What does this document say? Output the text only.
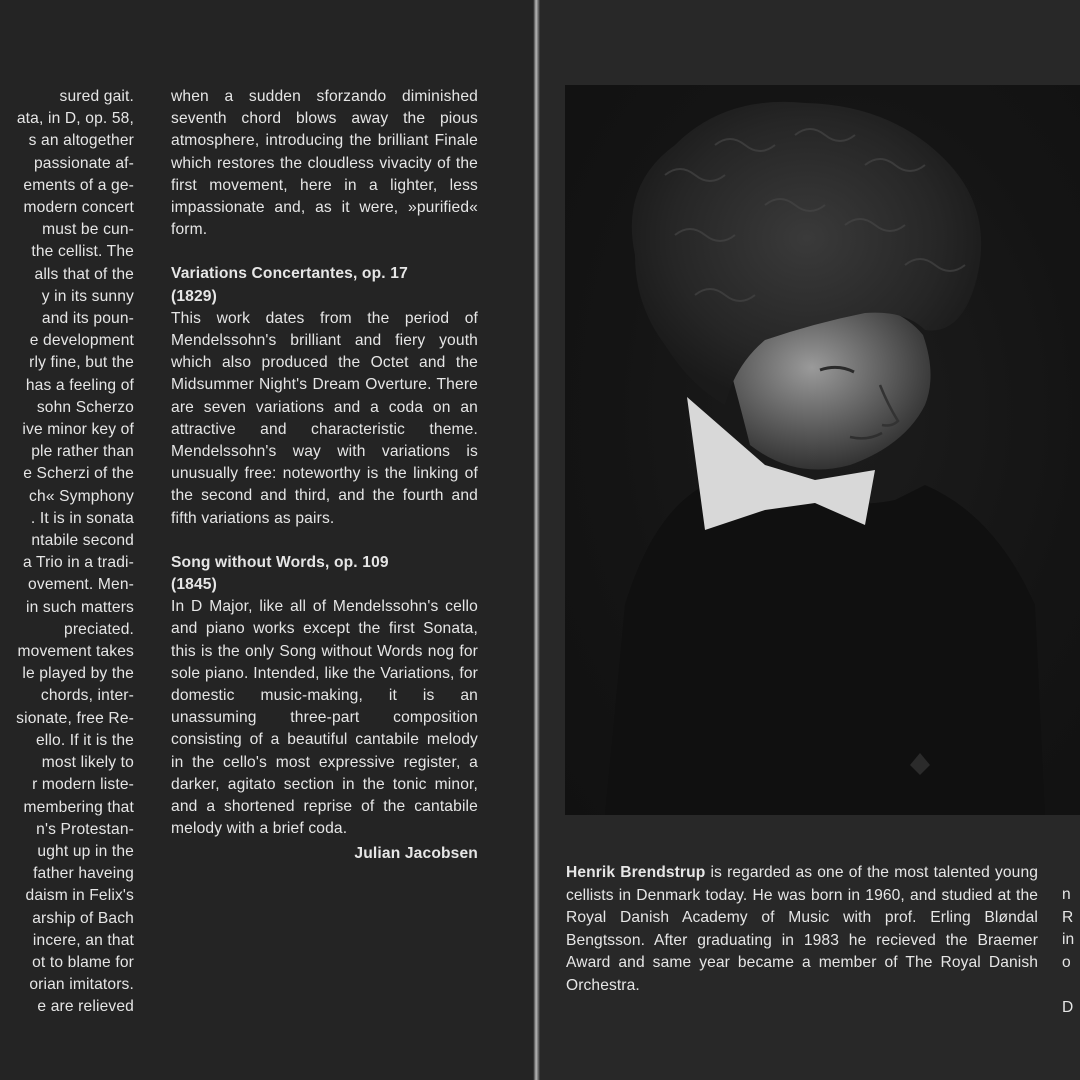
sured gait.
ata, in D, op. 58,
s an altogether
passionate af-
ements of a ge-
modern concert
must be cun-
the cellist. The
alls that of the
y in its sunny
and its poun-
e development
rly fine, but the
has a feeling of
sohn Scherzo
ive minor key of
ple rather than
e Scherzi of the
ch« Symphony
. It is in sonata
ntabile second
a Trio in a tradi-
ovement. Men-
in such matters
preciated.
movement takes
le played by the
chords, inter-
sionate, free Re-
ello. If it is the
most likely to
r modern liste-
membering that
n's Protestan-
ught up in the
father haveing
daism in Felix's
arship of Bach
incere, an that
ot to blame for
orian imitators.
e are relieved

when a sudden sforzando diminished seventh chord blows away the pious atmosphere, introducing the brilliant Finale which restores the cloudless vivacity of the first movement, here in a lighter, less impassionate and, as it were, »purified« form.

Variations Concertantes, op. 17
(1829)

This work dates from the period of Mendelssohn's brilliant and fiery youth which also produced the Octet and the Midsummer Night's Dream Overture. There are seven variations and a coda on an attractive and characteristic theme. Mendelssohn's way with variations is unusually free: noteworthy is the linking of the second and third, and the fourth and fifth variations as pairs.

Song without Words, op. 109
(1845)

In D Major, like all of Mendelssohn's cello and piano works except the first Sonata, this is the only Song without Words nog for sole piano. Intended, like the Variations, for domestic music-making, it is an unassuming three-part composition consisting of a beautiful cantabile melody in the cello's most expressive register, a darker, agitato section in the tonic minor, and a shortened reprise of the cantabile melody with a brief coda.

Julian Jacobsen

Henrik Brendstrup is regarded as one of the most talented young cellists in Denmark today. He was born in 1960, and studied at the Royal Danish Academy of Music with prof. Erling Bløndal Bengtsson. After graduating in 1983 he recieved the Braemer Award and same year became a member of The Royal Danish Orchestra.
n
R
in
o

D
